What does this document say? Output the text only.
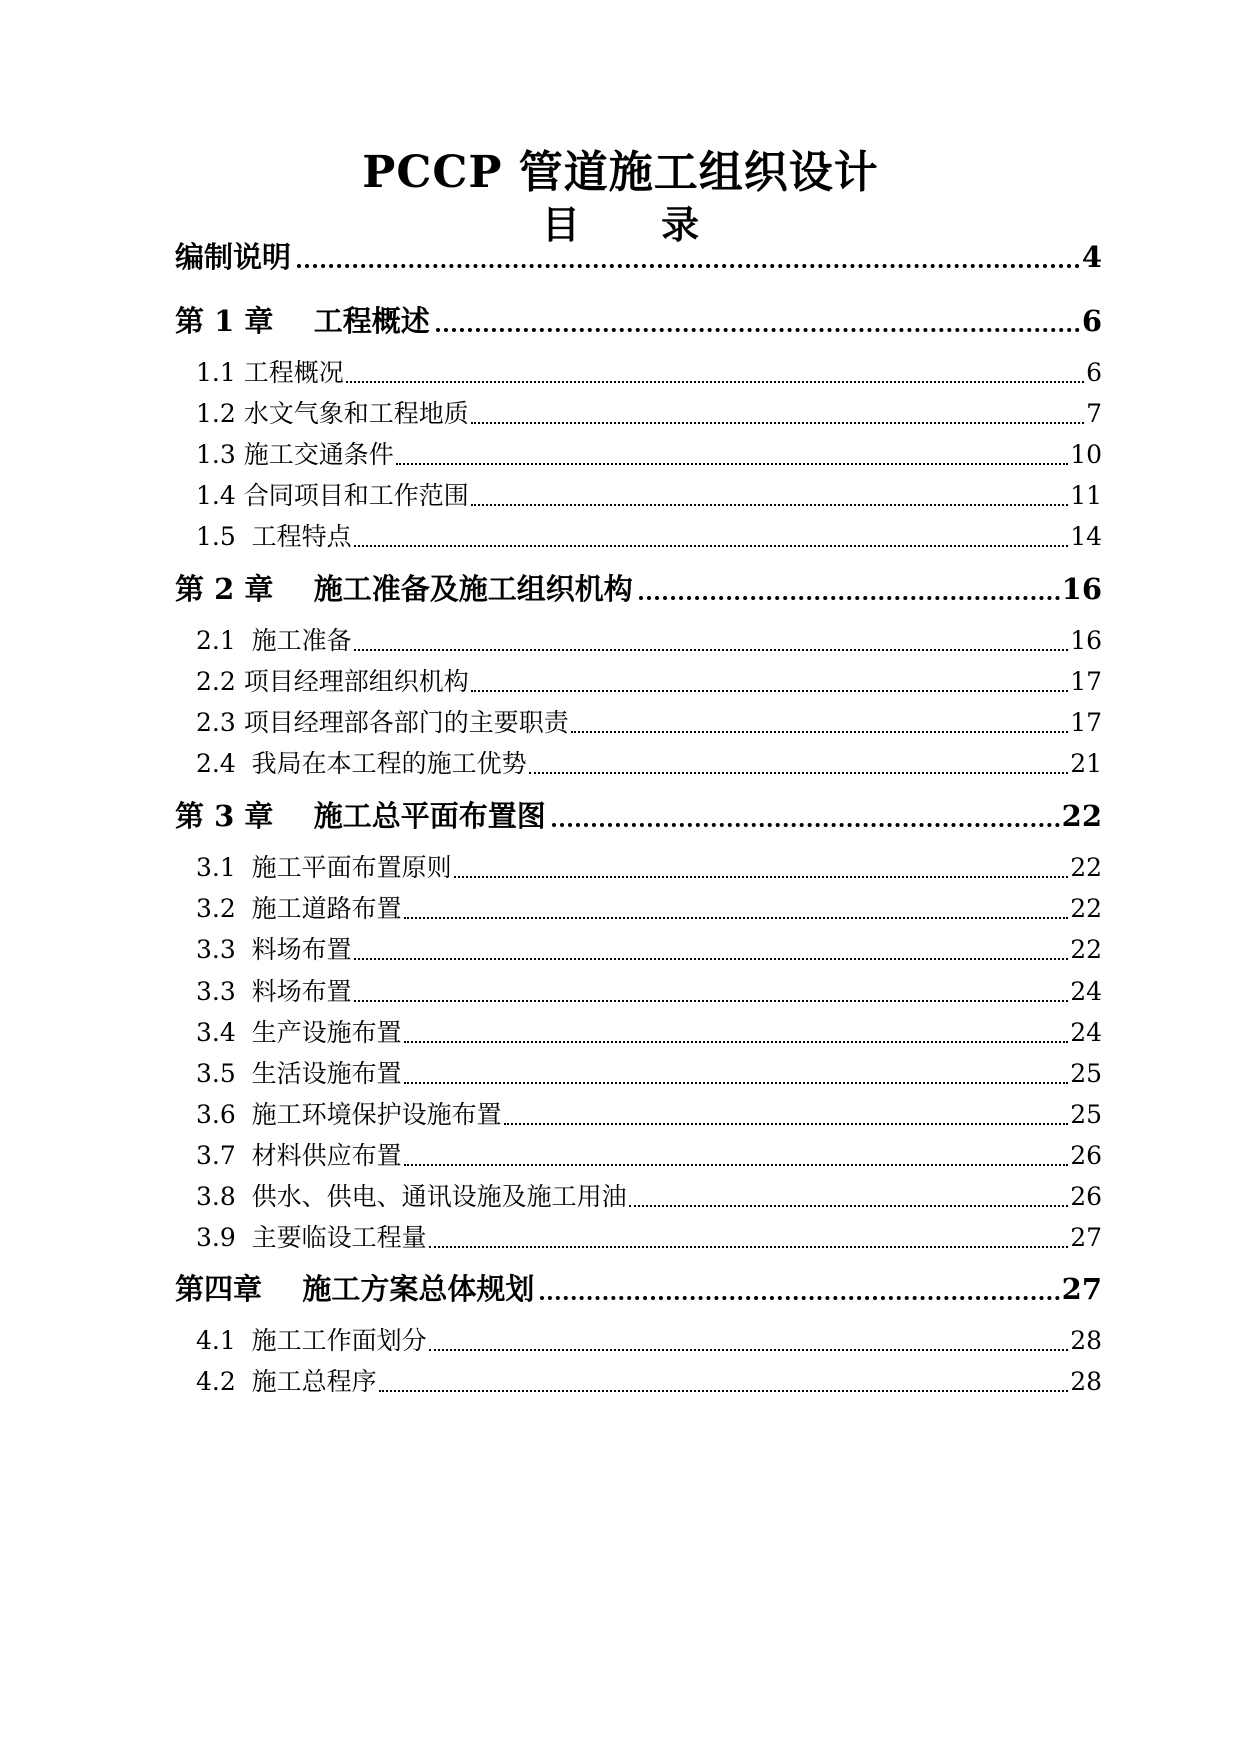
PCCP 管道施工组织设计
目 录
编制说明	4
第 1 章    工程概述	6
1.1 工程概况	6
1.2 水文气象和工程地质	7
1.3 施工交通条件	10
1.4 合同项目和工作范围	11
1.5  工程特点	14
第 2 章    施工准备及施工组织机构	16
2.1  施工准备	16
2.2 项目经理部组织机构	17
2.3 项目经理部各部门的主要职责	17
2.4  我局在本工程的施工优势	21
第 3 章    施工总平面布置图	22
3.1  施工平面布置原则	22
3.2  施工道路布置	22
3.3  料场布置	22
3.3  料场布置	24
3.4  生产设施布置	24
3.5  生活设施布置	25
3.6  施工环境保护设施布置	25
3.7  材料供应布置	26
3.8  供水、供电、通讯设施及施工用油	26
3.9  主要临设工程量	27
第四章    施工方案总体规划	27
4.1  施工工作面划分	28
4.2  施工总程序	28
